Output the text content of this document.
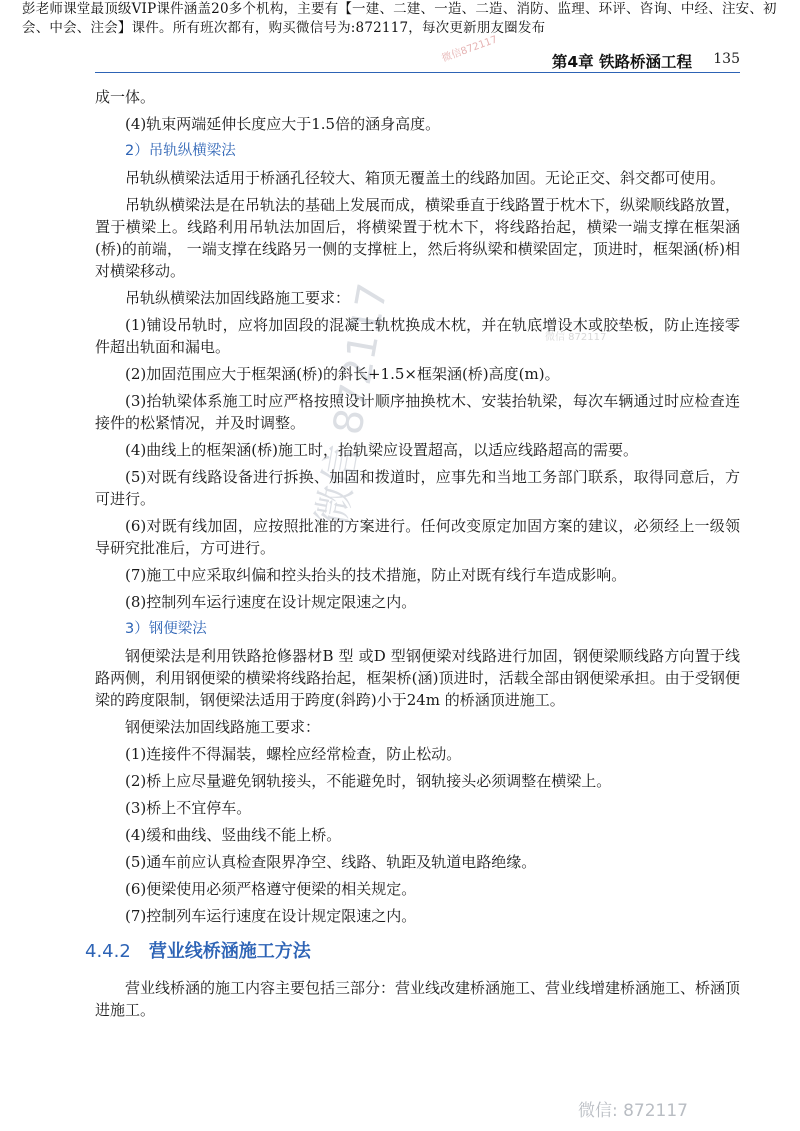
彭老师课堂最顶级VIP课件涵盖20多个机构，主要有【一建、二建、一造、二造、消防、监理、环评、咨询、中经、注安、初会、中会、注会】课件。所有班次都有，购买微信号为:872117，每次更新朋友圈发布
第4章 铁路桥涵工程 135
微信872117
微信 872117
微信 872117
成一体。
(4)轨束两端延伸长度应大于1.5倍的涵身高度。
2）吊轨纵横梁法
吊轨纵横梁法适用于桥涵孔径较大、箱顶无覆盖土的线路加固。无论正交、斜交都可使用。
吊轨纵横梁法是在吊轨法的基础上发展而成，横梁垂直于线路置于枕木下，纵梁顺线路放置，置于横梁上。线路利用吊轨法加固后，将横梁置于枕木下，将线路抬起，横梁一端支撑在框架涵(桥)的前端， 一端支撑在线路另一侧的支撑桩上，然后将纵梁和横梁固定，顶进时，框架涵(桥)相对横梁移动。
吊轨纵横梁法加固线路施工要求：
(1)铺设吊轨时，应将加固段的混凝土轨枕换成木枕，并在轨底增设木或胶垫板，防止连接零件超出轨面和漏电。
(2)加固范围应大于框架涵(桥)的斜长+1.5×框架涵(桥)高度(m)。
(3)抬轨梁体系施工时应严格按照设计顺序抽换枕木、安装抬轨梁，每次车辆通过时应检查连接件的松紧情况，并及时调整。
(4)曲线上的框架涵(桥)施工时，抬轨梁应设置超高，以适应线路超高的需要。
(5)对既有线路设备进行拆换、加固和拨道时，应事先和当地工务部门联系，取得同意后，方可进行。
(6)对既有线加固，应按照批准的方案进行。任何改变原定加固方案的建议，必须经上一级领导研究批准后，方可进行。
(7)施工中应采取纠偏和控头抬头的技术措施，防止对既有线行车造成影响。
(8)控制列车运行速度在设计规定限速之内。
3）钢便梁法
钢便梁法是利用铁路抢修器材B 型 或D 型钢便梁对线路进行加固，钢便梁顺线路方向置于线路两侧，利用钢便梁的横梁将线路抬起，框架桥(涵)顶进时，活载全部由钢便梁承担。由于受钢便梁的跨度限制，钢便梁法适用于跨度(斜跨)小于24m 的桥涵顶进施工。
钢便梁法加固线路施工要求：
(1)连接件不得漏装，螺栓应经常检查，防止松动。
(2)桥上应尽量避免钢轨接头，不能避免时，钢轨接头必须调整在横梁上。
(3)桥上不宜停车。
(4)缓和曲线、竖曲线不能上桥。
(5)通车前应认真检查限界净空、线路、轨距及轨道电路绝缘。
(6)便梁使用必须严格遵守便梁的相关规定。
(7)控制列车运行速度在设计规定限速之内。
4.4.2 营业线桥涵施工方法
营业线桥涵的施工内容主要包括三部分：营业线改建桥涵施工、营业线增建桥涵施工、桥涵顶进施工。
微信: 872117
